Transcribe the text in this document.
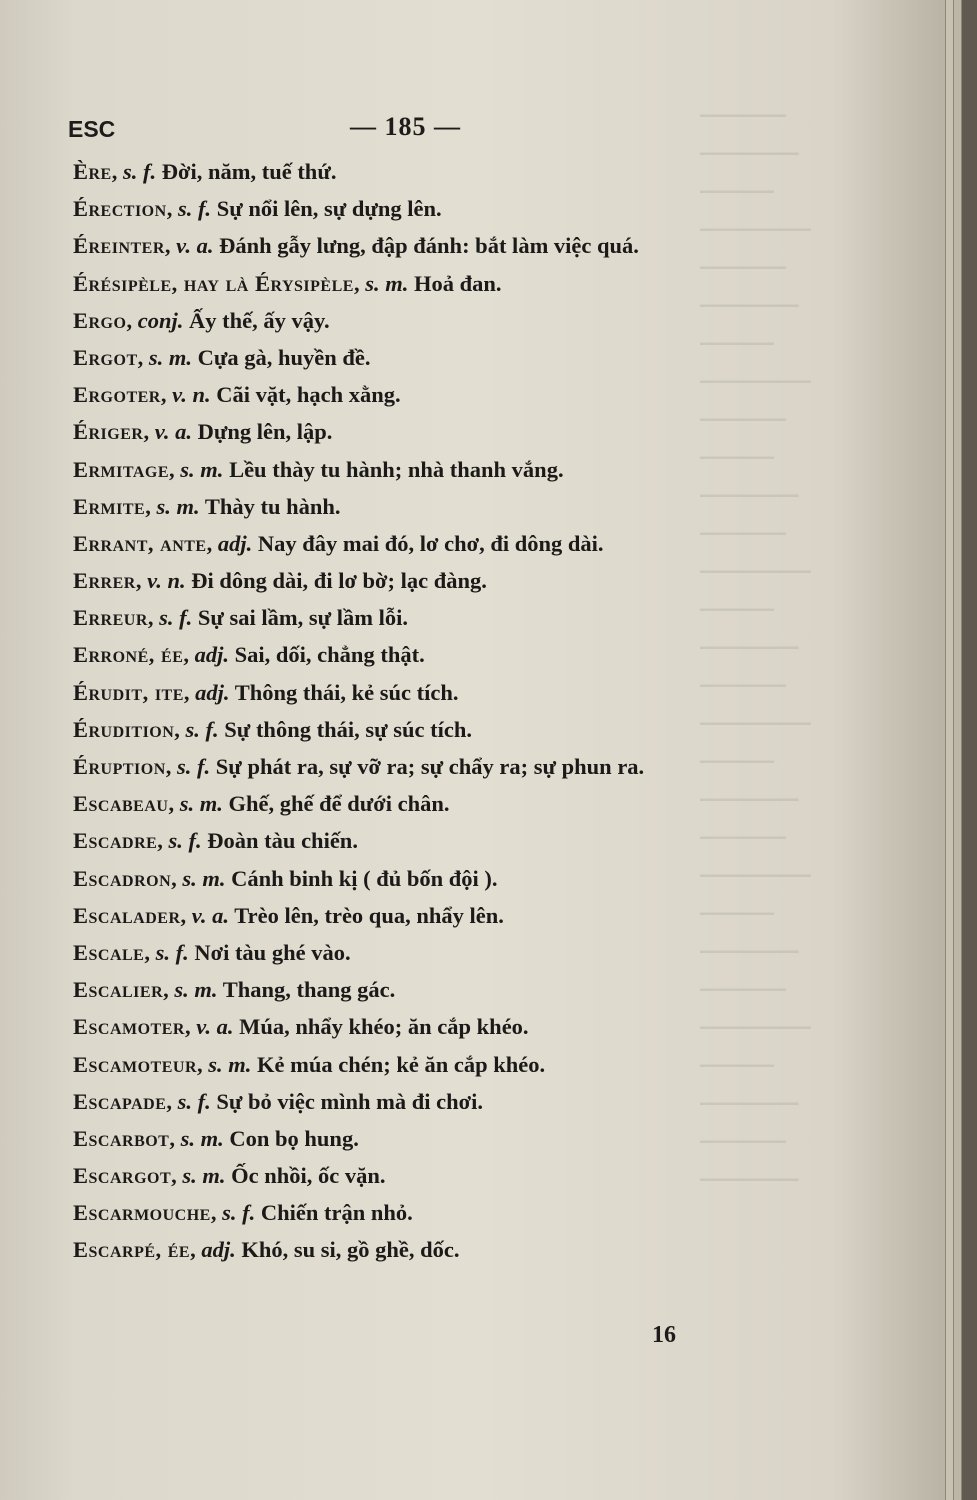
▁▁▁▁▁▁▁
▁▁▁▁▁▁▁▁
▁▁▁▁▁▁
▁▁▁▁▁▁▁▁▁
▁▁▁▁▁▁▁
▁▁▁▁▁▁▁▁
▁▁▁▁▁▁
▁▁▁▁▁▁▁▁▁
▁▁▁▁▁▁▁
▁▁▁▁▁▁
▁▁▁▁▁▁▁▁
▁▁▁▁▁▁▁
▁▁▁▁▁▁▁▁▁
▁▁▁▁▁▁
▁▁▁▁▁▁▁▁
▁▁▁▁▁▁▁
▁▁▁▁▁▁▁▁▁
▁▁▁▁▁▁
▁▁▁▁▁▁▁▁
▁▁▁▁▁▁▁
▁▁▁▁▁▁▁▁▁
▁▁▁▁▁▁
▁▁▁▁▁▁▁▁
▁▁▁▁▁▁▁
▁▁▁▁▁▁▁▁▁
▁▁▁▁▁▁
▁▁▁▁▁▁▁▁
▁▁▁▁▁▁▁
▁▁▁▁▁▁▁▁
ESC	— 185 —
Ère, s. f. Đời, năm, tuế thứ.
Érection, s. f. Sự nổi lên, sự dựng lên.
Éreinter, v. a. Đánh gẫy lưng, đập đánh: bắt làm việc quá.
Érésipèle, hay là Érysipèle, s. m. Hoả đan.
Ergo, conj. Ấy thế, ấy vậy.
Ergot, s. m. Cựa gà, huyền đề.
Ergoter, v. n. Cãi vặt, hạch xằng.
Ériger, v. a. Dựng lên, lập.
Ermitage, s. m. Lều thày tu hành; nhà thanh vắng.
Ermite, s. m. Thày tu hành.
Errant, ante, adj. Nay đây mai đó, lơ chơ, đi dông dài.
Errer, v. n. Đi dông dài, đi lơ bờ; lạc đàng.
Erreur, s. f. Sự sai lầm, sự lầm lỗi.
Erroné, ée, adj. Sai, dối, chẳng thật.
Érudit, ite, adj. Thông thái, kẻ súc tích.
Érudition, s. f. Sự thông thái, sự súc tích.
Éruption, s. f. Sự phát ra, sự vỡ ra; sự chẩy ra; sự phun ra.
Escabeau, s. m. Ghế, ghế để dưới chân.
Escadre, s. f. Đoàn tàu chiến.
Escadron, s. m. Cánh binh kị ( đủ bốn đội ).
Escalader, v. a. Trèo lên, trèo qua, nhẩy lên.
Escale, s. f. Nơi tàu ghé vào.
Escalier, s. m. Thang, thang gác.
Escamoter, v. a. Múa, nhẩy khéo; ăn cắp khéo.
Escamoteur, s. m. Kẻ múa chén; kẻ ăn cắp khéo.
Escapade, s. f. Sự bỏ việc mình mà đi chơi.
Escarbot, s. m. Con bọ hung.
Escargot, s. m. Ốc nhồi, ốc vặn.
Escarmouche, s. f. Chiến trận nhỏ.
Escarpé, ée, adj. Khó, su si, gồ ghề, dốc.
16
